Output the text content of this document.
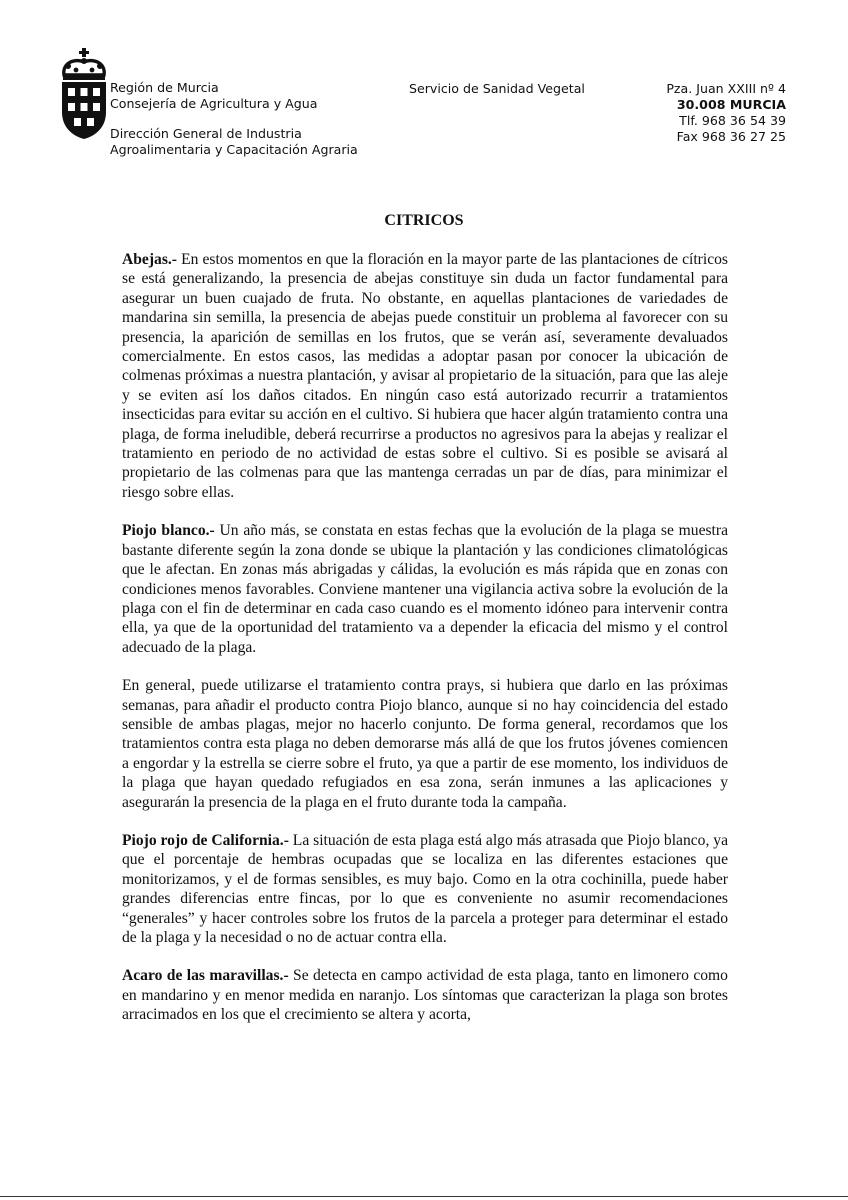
Región de Murcia
Consejería de Agricultura y Agua
Dirección General de Industria
Agroalimentaria y Capacitación Agraria
Servicio de Sanidad Vegetal	Pza. Juan XXIII nº 4
30.008 MURCIA
Tlf. 968 36 54 39
Fax 968 36 27 25
CITRICOS

Abejas.- En estos momentos en que la floración en la mayor parte de las plantaciones de cítricos se está generalizando, la presencia de abejas constituye sin duda un factor fundamental para asegurar un buen cuajado de fruta. No obstante, en aquellas plantaciones de variedades de mandarina sin semilla, la presencia de abejas puede constituir un problema al favorecer con su presencia, la aparición de semillas en los frutos, que se verán así, severamente devaluados comercialmente. En estos casos, las medidas a adoptar pasan por conocer la ubicación de colmenas próximas a nuestra plantación, y avisar al propietario de la situación, para que las aleje y se eviten así los daños citados. En ningún caso está autorizado recurrir a tratamientos insecticidas para evitar su acción en el cultivo. Si hubiera que hacer algún tratamiento contra una plaga, de forma ineludible, deberá recurrirse a productos no agresivos para la abejas y realizar el tratamiento en periodo de no actividad de estas sobre el cultivo. Si es posible se avisará al propietario de las colmenas para que las mantenga cerradas un par de días, para minimizar el riesgo sobre ellas.

Piojo blanco.- Un año más, se constata en estas fechas que la evolución de la plaga se muestra bastante diferente según la zona donde se ubique la plantación y las condiciones climatológicas que le afectan. En zonas más abrigadas y cálidas, la evolución es más rápida que en zonas con condiciones menos favorables. Conviene mantener una vigilancia activa sobre la evolución de la plaga con el fin de determinar en cada caso cuando es el momento idóneo para intervenir contra ella, ya que de la oportunidad del tratamiento va a depender la eficacia del mismo y el control adecuado de la plaga.

En general, puede utilizarse el tratamiento contra prays, si hubiera que darlo en las próximas semanas, para añadir el producto contra Piojo blanco, aunque si no hay coincidencia del estado sensible de ambas plagas, mejor no hacerlo conjunto. De forma general, recordamos que los tratamientos contra esta plaga no deben demorarse más allá de que los frutos jóvenes comiencen a engordar y la estrella se cierre sobre el fruto, ya que a partir de ese momento, los individuos de la plaga que hayan quedado refugiados en esa zona, serán inmunes a las aplicaciones y asegurarán la presencia de la plaga en el fruto durante toda la campaña.

Piojo rojo de California.- La situación de esta plaga está algo más atrasada que Piojo blanco, ya que el porcentaje de hembras ocupadas que se localiza en las diferentes estaciones que monitorizamos, y el de formas sensibles, es muy bajo. Como en la otra cochinilla, puede haber grandes diferencias entre fincas, por lo que es conveniente no asumir recomendaciones “generales” y hacer controles sobre los frutos de la parcela a proteger para determinar el estado de la plaga y la necesidad o no de actuar contra ella.

Acaro de las maravillas.- Se detecta en campo actividad de esta plaga, tanto en limonero como en mandarino y en menor medida en naranjo. Los síntomas que caracterizan la plaga son brotes arracimados en los que el crecimiento se altera y acorta,
